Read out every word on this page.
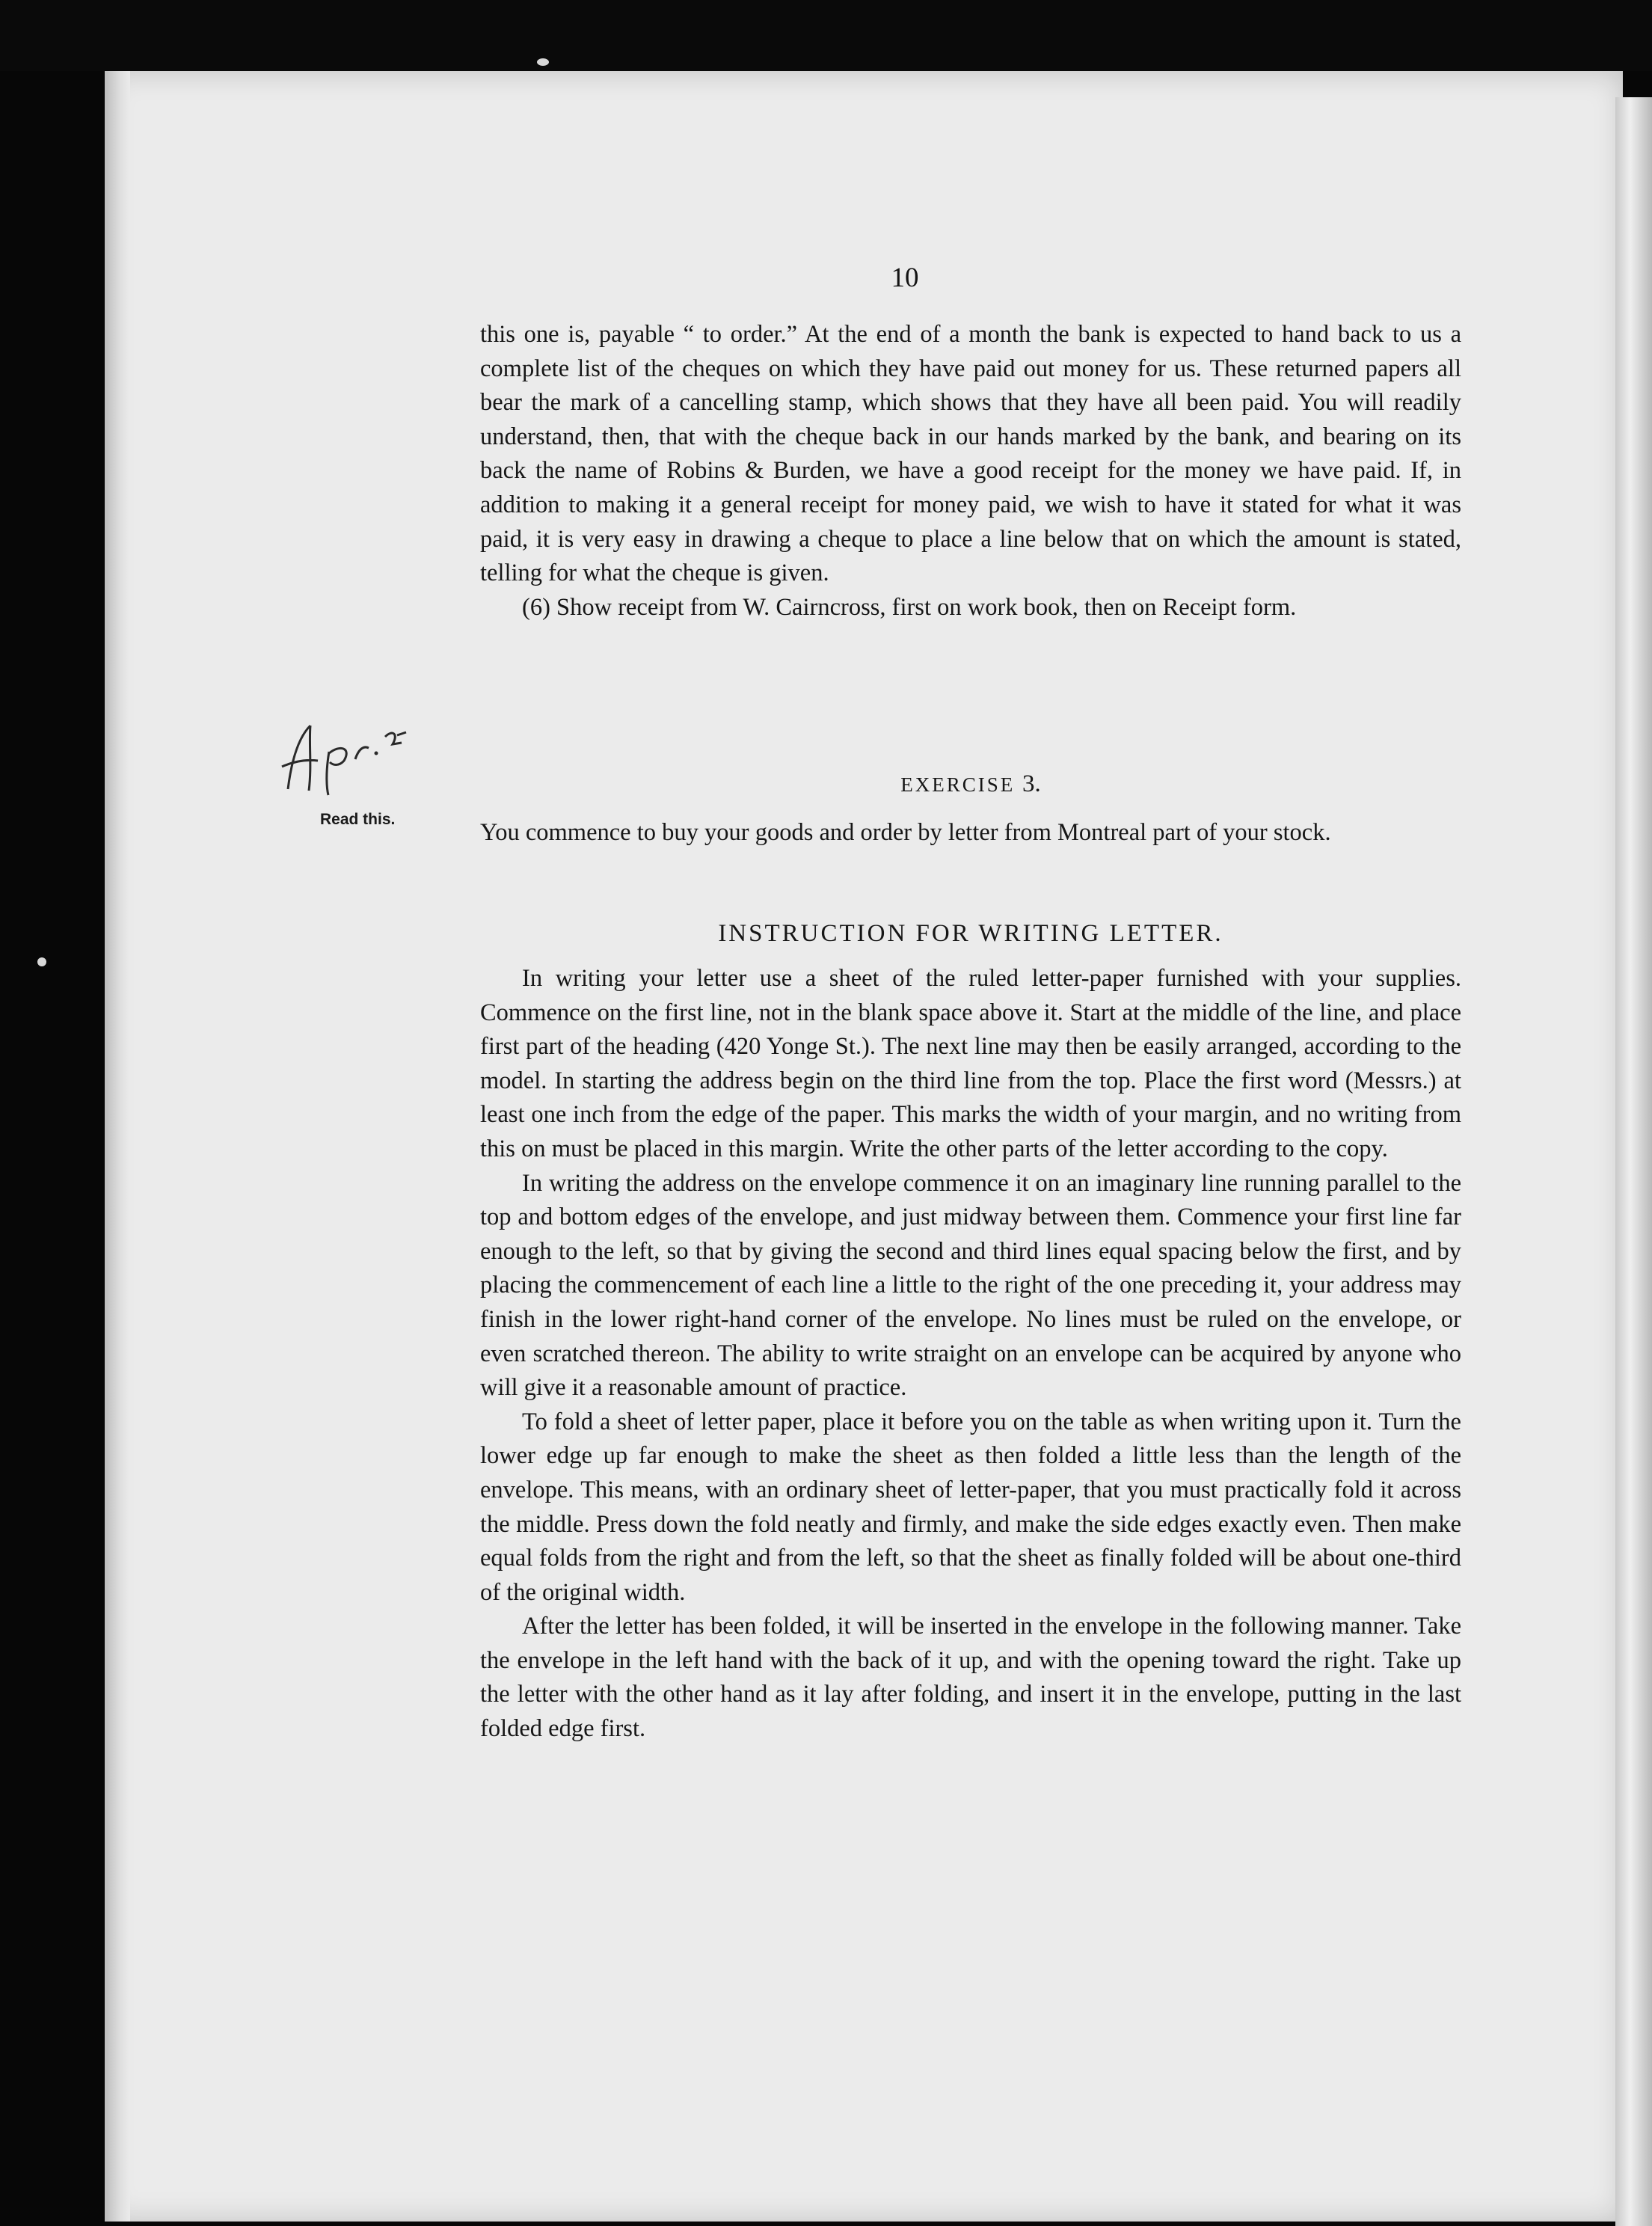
10

this one is, payable “ to order.” At the end of a month the bank is expected to hand back to us a complete list of the cheques on which they have paid out money for us. These returned papers all bear the mark of a cancelling stamp, which shows that they have all been paid. You will readily understand, then, that with the cheque back in our hands marked by the bank, and bearing on its back the name of Robins & Burden, we have a good receipt for the money we have paid. If, in addition to making it a general receipt for money paid, we wish to have it stated for what it was paid, it is very easy in drawing a cheque to place a line below that on which the amount is stated, telling for what the cheque is given.

(6) Show receipt from W. Cairncross, first on work book, then on Receipt form.

EXERCISE 3.
Read this.	You commence to buy your goods and order by letter from Montreal part of your stock.
INSTRUCTION FOR WRITING LETTER.

In writing your letter use a sheet of the ruled letter-paper furnished with your supplies. Commence on the first line, not in the blank space above it. Start at the middle of the line, and place first part of the heading (420 Yonge St.). The next line may then be easily arranged, according to the model. In starting the address begin on the third line from the top. Place the first word (Messrs.) at least one inch from the edge of the paper. This marks the width of your margin, and no writing from this on must be placed in this margin. Write the other parts of the letter according to the copy.

In writing the address on the envelope commence it on an imaginary line running parallel to the top and bottom edges of the envelope, and just midway between them. Commence your first line far enough to the left, so that by giving the second and third lines equal spacing below the first, and by placing the commencement of each line a little to the right of the one preceding it, your address may finish in the lower right-hand corner of the envelope. No lines must be ruled on the envelope, or even scratched thereon. The ability to write straight on an envelope can be acquired by anyone who will give it a reasonable amount of practice.

To fold a sheet of letter paper, place it before you on the table as when writing upon it. Turn the lower edge up far enough to make the sheet as then folded a little less than the length of the envelope. This means, with an ordinary sheet of letter-paper, that you must practically fold it across the middle. Press down the fold neatly and firmly, and make the side edges exactly even. Then make equal folds from the right and from the left, so that the sheet as finally folded will be about one-third of the original width.

After the letter has been folded, it will be inserted in the envelope in the following manner. Take the envelope in the left hand with the back of it up, and with the opening toward the right. Take up the letter with the other hand as it lay after folding, and insert it in the envelope, putting in the last folded edge first.
